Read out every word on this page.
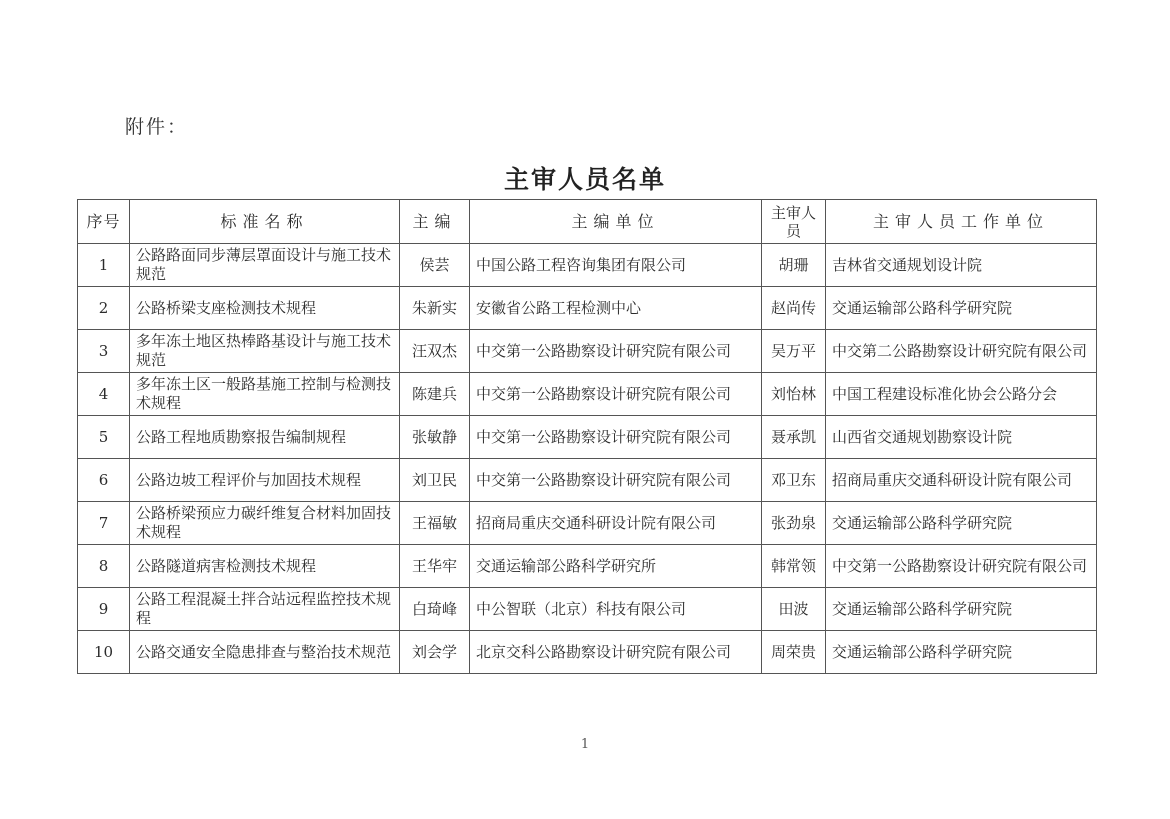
附件：
主审人员名单
序号	标准名称	主编	主编单位	主审人员	主审人员工作单位
1	公路路面同步薄层罩面设计与施工技术规范	侯芸	中国公路工程咨询集团有限公司	胡珊	吉林省交通规划设计院
2	公路桥梁支座检测技术规程	朱新实	安徽省公路工程检测中心	赵尚传	交通运输部公路科学研究院
3	多年冻土地区热棒路基设计与施工技术规范	汪双杰	中交第一公路勘察设计研究院有限公司	吴万平	中交第二公路勘察设计研究院有限公司
4	多年冻土区一般路基施工控制与检测技术规程	陈建兵	中交第一公路勘察设计研究院有限公司	刘怡林	中国工程建设标准化协会公路分会
5	公路工程地质勘察报告编制规程	张敏静	中交第一公路勘察设计研究院有限公司	聂承凯	山西省交通规划勘察设计院
6	公路边坡工程评价与加固技术规程	刘卫民	中交第一公路勘察设计研究院有限公司	邓卫东	招商局重庆交通科研设计院有限公司
7	公路桥梁预应力碳纤维复合材料加固技术规程	王福敏	招商局重庆交通科研设计院有限公司	张劲泉	交通运输部公路科学研究院
8	公路隧道病害检测技术规程	王华牢	交通运输部公路科学研究所	韩常领	中交第一公路勘察设计研究院有限公司
9	公路工程混凝土拌合站远程监控技术规程	白琦峰	中公智联（北京）科技有限公司	田波	交通运输部公路科学研究院
10	公路交通安全隐患排查与整治技术规范	刘会学	北京交科公路勘察设计研究院有限公司	周荣贵	交通运输部公路科学研究院
1
